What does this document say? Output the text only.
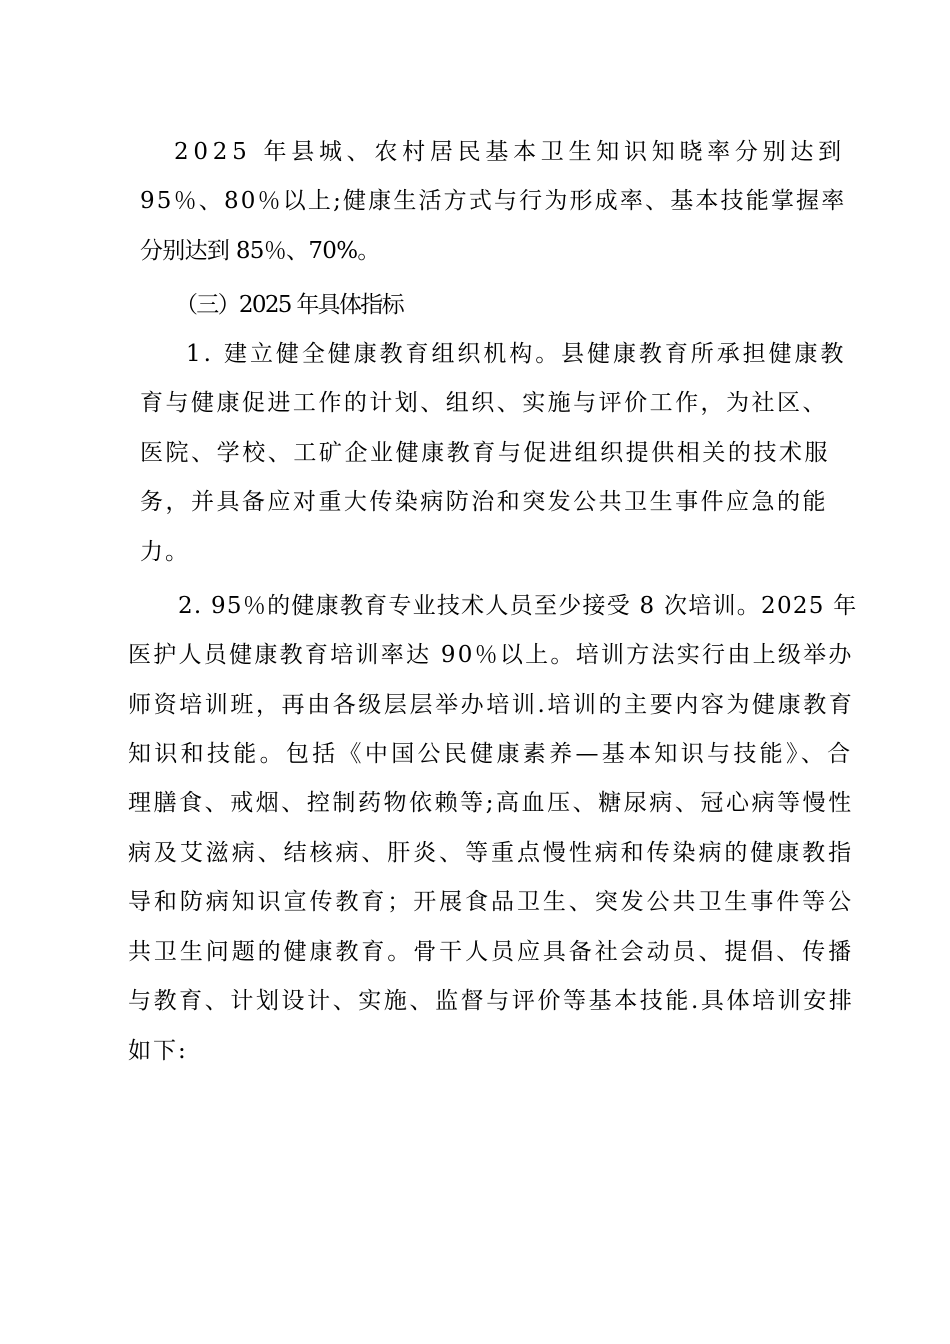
2025 年县城、农村居民基本卫生知识知晓率分别达到
95％、80％以上;健康生活方式与行为形成率、基本技能掌握率
分别达到 85％、70%。
（三）2025 年具体指标
1. 建立健全健康教育组织机构。县健康教育所承担健康教
育与健康促进工作的计划、组织、实施与评价工作，为社区、
医院、学校、工矿企业健康教育与促进组织提供相关的技术服
务，并具备应对重大传染病防治和突发公共卫生事件应急的能
力。
2. 95％的健康教育专业技术人员至少接受 8 次培训。2025 年
医护人员健康教育培训率达 90％以上。培训方法实行由上级举办
师资培训班，再由各级层层举办培训.培训的主要内容为健康教育
知识和技能。包括《中国公民健康素养—基本知识与技能》、合
理膳食、戒烟、控制药物依赖等;高血压、糖尿病、冠心病等慢性
病及艾滋病、结核病、肝炎、等重点慢性病和传染病的健康教指
导和防病知识宣传教育；开展食品卫生、突发公共卫生事件等公
共卫生问题的健康教育。骨干人员应具备社会动员、提倡、传播
与教育、计划设计、实施、监督与评价等基本技能.具体培训安排
如下:
